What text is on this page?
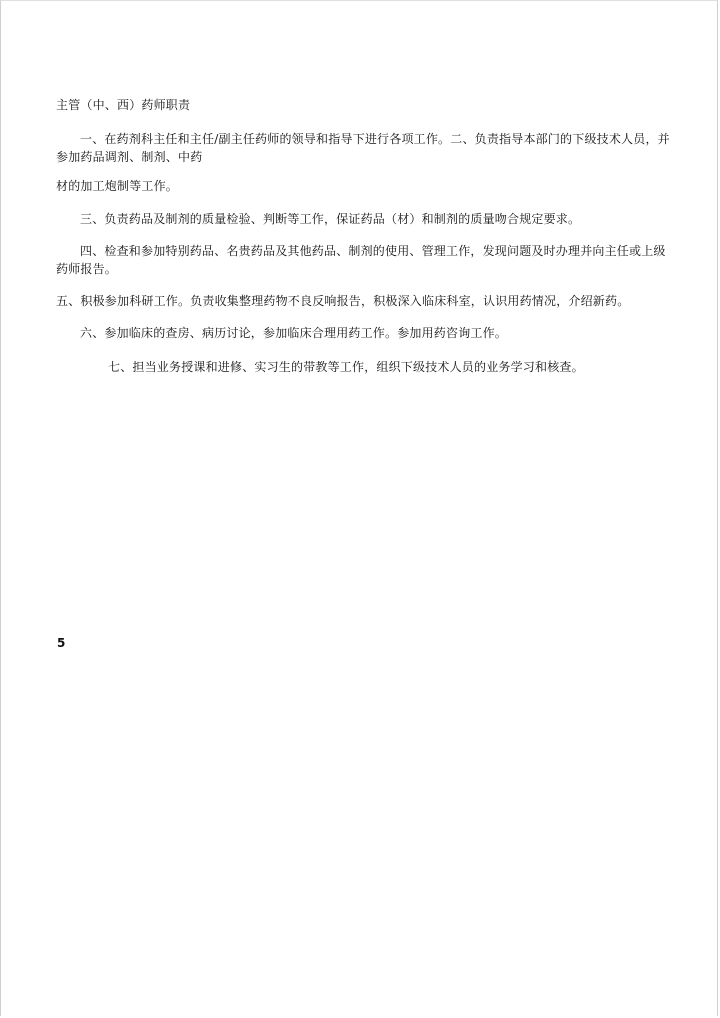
主管（中、西）药师职责
一、在药剂科主任和主任/副主任药师的领导和指导下进行各项工作。二、负责指导本部门的下级技术人员，并
参加药品调剂、制剂、中药
材的加工炮制等工作。
三、负责药品及制剂的质量检验、判断等工作，保证药品（材）和制剂的质量吻合规定要求。
四、检查和参加特别药品、名贵药品及其他药品、制剂的使用、管理工作，发现问题及时办理并向主任或上级
药师报告。
五、积极参加科研工作。负责收集整理药物不良反响报告，积极深入临床科室，认识用药情况，介绍新药。
六、参加临床的查房、病历讨论，参加临床合理用药工作。参加用药咨询工作。
七、担当业务授课和进修、实习生的带教等工作，组织下级技术人员的业务学习和核查。
5
